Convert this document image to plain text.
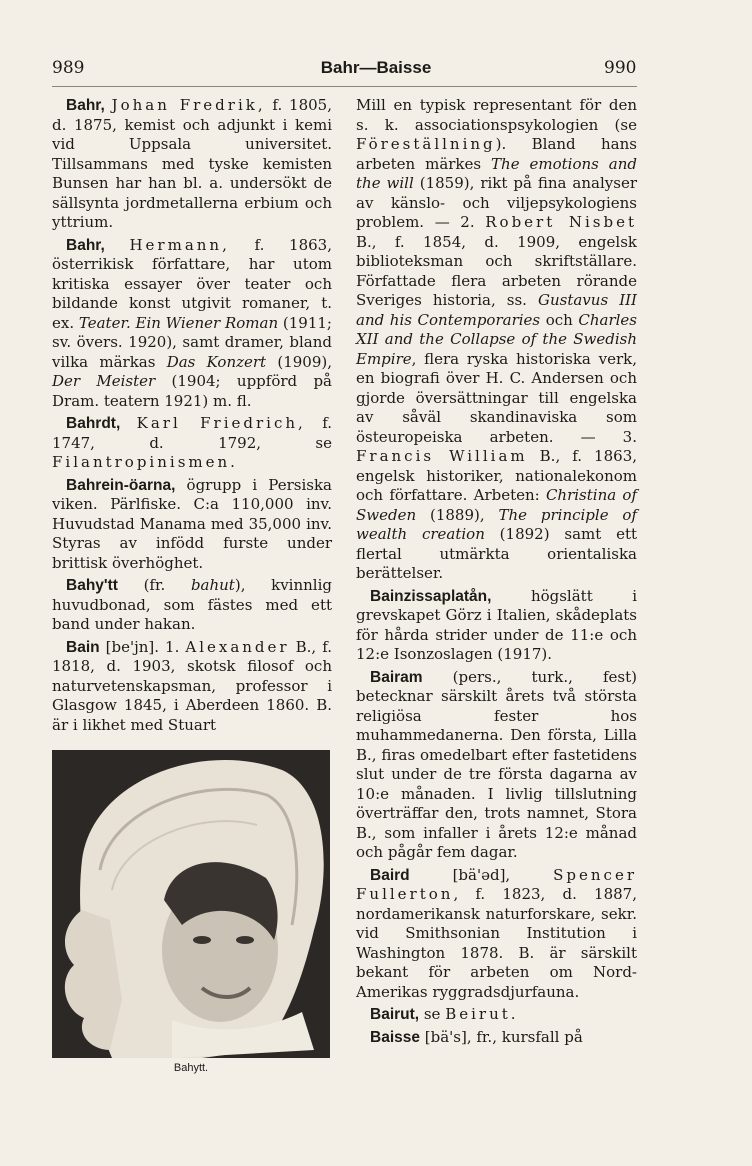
989	Bahr—Baisse	990
Bahr, Johan Fredrik, f. 1805, d. 1875, kemist och adjunkt i kemi vid Uppsala universitet. Tillsammans med tyske kemisten Bunsen har han bl. a. undersökt de sällsynta jordmetallerna erbium och yttrium.
Bahr, Hermann, f. 1863, österrikisk författare, har utom kritiska essayer över teater och bildande konst utgivit romaner, t. ex. Teater. Ein Wiener Roman (1911; sv. övers. 1920), samt dramer, bland vilka märkas Das Konzert (1909), Der Meister (1904; uppförd på Dram. teatern 1921) m. fl.
Bahrdt, Karl Friedrich, f. 1747, d. 1792, se Filantropinismen.
Bahrein-öarna, ögrupp i Persiska viken. Pärlfiske. C:a 110,000 inv. Huvudstad Manama med 35,000 inv. Styras av infödd furste under brittisk överhöghet.
Bahy'tt (fr. bahut), kvinnlig huvudbonad, som fästes med ett band under hakan.
Bain [be'jn]. 1. Alexander B., f. 1818, d. 1903, skotsk filosof och naturvetenskapsman, professor i Glasgow 1845, i Aberdeen 1860. B. är i likhet med Stuart
Bahytt.
Mill en typisk representant för den s. k. associationspsykologien (se Föreställning). Bland hans arbeten märkes The emotions and the will (1859), rikt på fina analyser av känslo- och viljepsykologiens problem. — 2. Robert Nisbet B., f. 1854, d. 1909, engelsk biblioteksman och skriftställare. Författade flera arbeten rörande Sveriges historia, ss. Gustavus III and his Contemporaries och Charles XII and the Collapse of the Swedish Empire, flera ryska historiska verk, en biografi över H. C. Andersen och gjorde översättningar till engelska av såväl skandinaviska som östeuropeiska arbeten. — 3. Francis William B., f. 1863, engelsk historiker, nationalekonom och författare. Arbeten: Christina of Sweden (1889), The principle of wealth creation (1892) samt ett flertal utmärkta orientaliska berättelser.
Bainzissaplatån, högslätt i grevskapet Görz i Italien, skådeplats för hårda strider under de 11:e och 12:e Isonzoslagen (1917).
Bairam (pers., turk., fest) betecknar särskilt årets två största religiösa fester hos muhammedanerna. Den första, Lilla B., firas omedelbart efter fastetidens slut under de tre första dagarna av 10:e månaden. I livlig tillslutning överträffar den, trots namnet, Stora B., som infaller i årets 12:e månad och pågår fem dagar.
Baird [bä'əd], Spencer Fullerton, f. 1823, d. 1887, nordamerikansk naturforskare, sekr. vid Smithsonian Institution i Washington 1878. B. är särskilt bekant för arbeten om Nord-Amerikas ryggradsdjurfauna.
Bairut, se Beirut.
Baisse [bä's], fr., kursfall på
